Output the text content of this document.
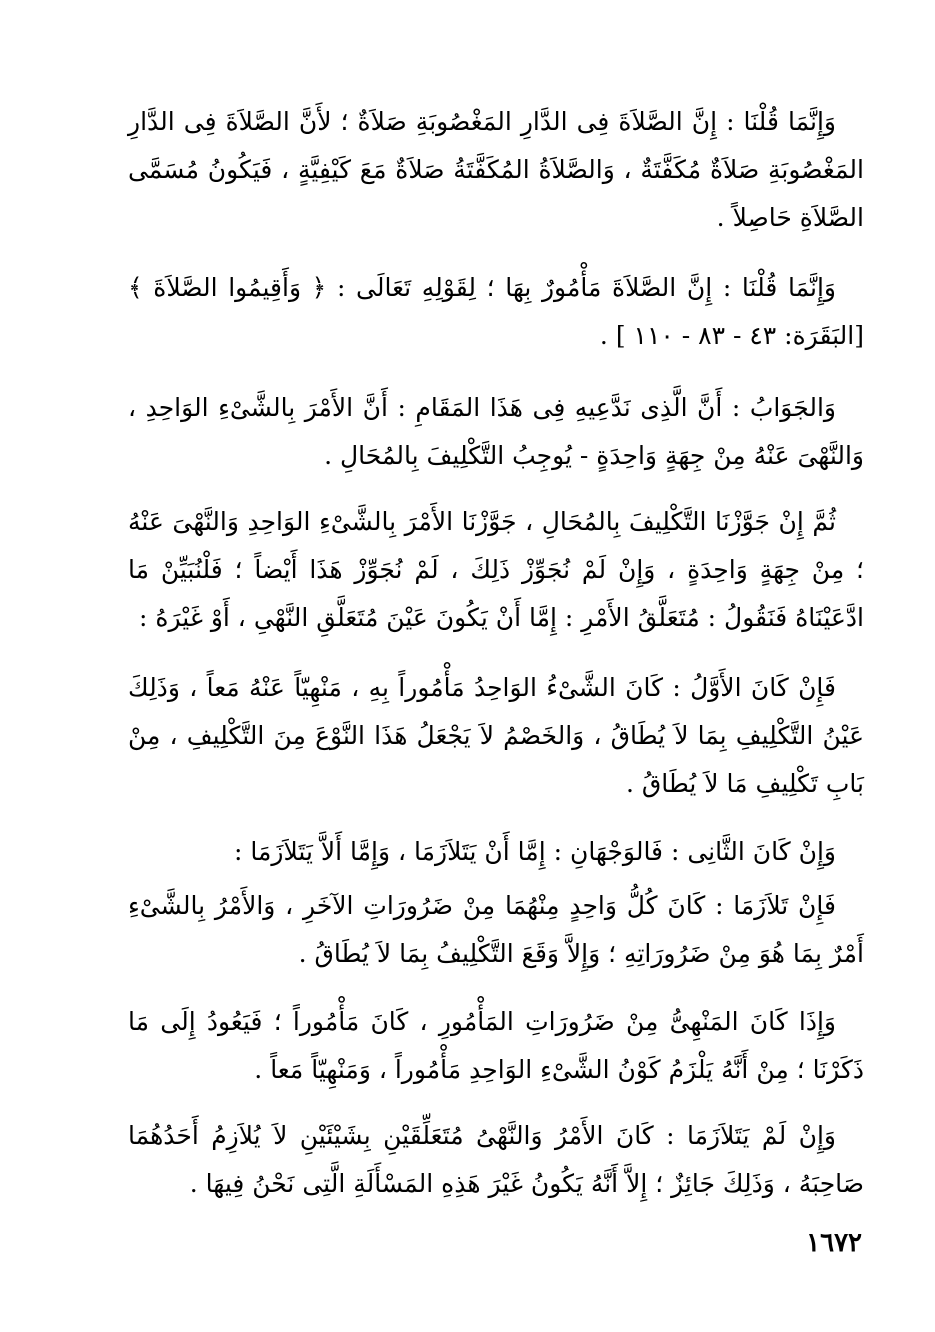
وَإِنَّمَا قُلْنَا : إِنَّ الصَّلاَةَ فِى الدَّارِ المَغْصُوبَةِ صَلاَةٌ ؛ لأَنَّ الصَّلاَةَ فِى الدَّارِ المَغْصُوبَةِ صَلاَةٌ مُكَفَّتَةٌ ، وَالصَّلاَةُ المُكَفَّتَةُ صَلاَةٌ مَعَ كَيْفِيَّةٍ ، فَيَكُونُ مُسَمَّى الصَّلاَةِ حَاصِلاً .

وَإِنَّمَا قُلْنَا : إِنَّ الصَّلاَةَ مَأْمُورٌ بِهَا ؛ لِقَوْلِهِ تَعَالَى : ﴿ وَأَقِيمُوا الصَّلاَةَ ﴾ [البَقَرَة: ٤٣ - ٨٣ - ١١٠ ] .

وَالجَوَابُ : أَنَّ الَّذِى نَدَّعِيهِ فِى هَذَا المَقَامِ : أَنَّ الأَمْرَ بِالشَّىْءِ الوَاحِدِ ، وَالنَّهْىَ عَنْهُ مِنْ جِهَةٍ وَاحِدَةٍ - يُوجِبُ التَّكْلِيفَ بِالمُحَالِ .

ثُمَّ إِنْ جَوَّزْنَا التَّكْلِيفَ بِالمُحَالِ ، جَوَّزْنَا الأَمْرَ بِالشَّىْءِ الوَاحِدِ وَالنَّهْىَ عَنْهُ ؛ مِنْ جِهَةٍ وَاحِدَةٍ ، وَإِنْ لَمْ نُجَوِّزْ ذَلِكَ ، لَمْ نُجَوِّزْ هَذَا أَيْضاً ؛ فَلْنُبَيِّنْ مَا ادَّعَيْنَاهُ فَنَقُولُ : مُتَعَلَّقُ الأَمْرِ : إِمَّا أَنْ يَكُونَ عَيْنَ مُتَعَلَّقِ النَّهْىِ ، أَوْ غَيْرَهُ :

فَإِنْ كَانَ الأَوَّلُ : كَانَ الشَّىْءُ الوَاحِدُ مَأْمُوراً بِهِ ، مَنْهِيّاً عَنْهُ مَعاً ، وَذَلِكَ عَيْنُ التَّكْلِيفِ بِمَا لاَ يُطَاقُ ، وَالخَصْمُ لاَ يَجْعَلُ هَذَا النَّوْعَ مِنَ التَّكْلِيفِ ، مِنْ بَابِ تَكْلِيفِ مَا لاَ يُطَاقُ .

وَإِنْ كَانَ الثَّانِى : فَالوَجْهَانِ : إِمَّا أَنْ يَتَلاَزَمَا ، وَإِمَّا أَلاَّ يَتَلاَزَمَا :

فَإِنْ تَلاَزَمَا : كَانَ كُلُّ وَاحِدٍ مِنْهُمَا مِنْ ضَرُورَاتِ الآخَرِ ، وَالأَمْرُ بِالشَّىْءِ أَمْرٌ بِمَا هُوَ مِنْ ضَرُورَاتِهِ ؛ وَإِلاَّ وَقَعَ التَّكْلِيفُ بِمَا لاَ يُطَاقُ .

وَإِذَا كَانَ المَنْهِىُّ مِنْ ضَرُورَاتِ المَأْمُورِ ، كَانَ مَأْمُوراً ؛ فَيَعُودُ إِلَى مَا ذَكَرْنَا ؛ مِنْ أَنَّهُ يَلْزَمُ كَوْنُ الشَّىْءِ الوَاحِدِ مَأْمُوراً ، وَمَنْهِيّاً مَعاً .

وَإِنْ لَمْ يَتَلاَزَمَا : كَانَ الأَمْرُ وَالنَّهْىُ مُتَعَلِّقَيْنِ بِشَيْئَيْنِ لاَ يُلاَزِمُ أَحَدُهُمَا صَاحِبَهُ ، وَذَلِكَ جَائِزٌ ؛ إِلاَّ أَنَّهُ يَكُونُ غَيْرَ هَذِهِ المَسْأَلَةِ الَّتِى نَحْنُ فِيهَا .

١٦٧٢
